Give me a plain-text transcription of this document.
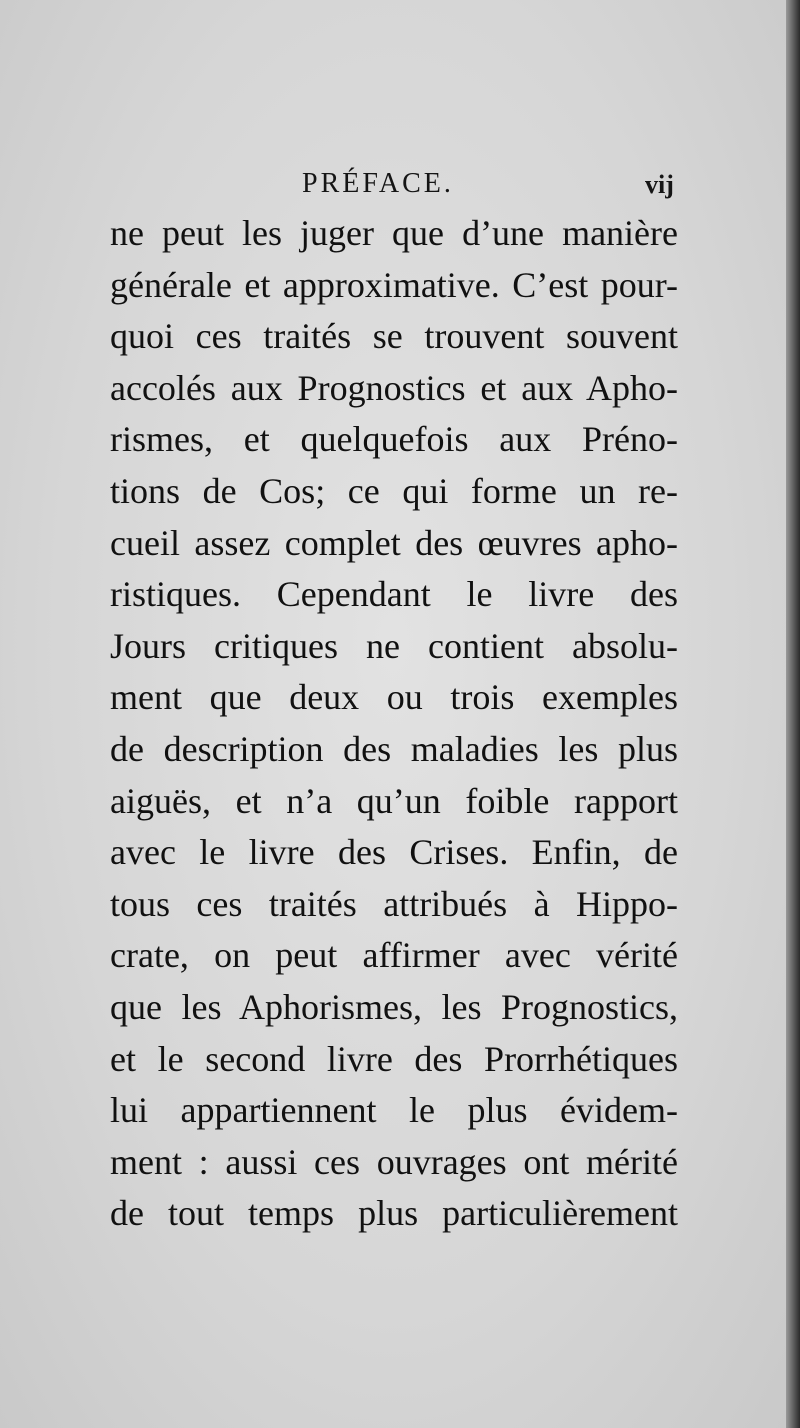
PRÉFACE.	vij
ne peut les juger que d’une manière
générale et approximative. C’est pour-
quoi ces traités se trouvent souvent
accolés aux Prognostics et aux Apho-
rismes, et quelquefois aux Préno-
tions de Cos; ce qui forme un re-
cueil assez complet des œuvres apho-
ristiques. Cependant le livre des
Jours critiques ne contient absolu-
ment que deux ou trois exemples
de description des maladies les plus
aiguës, et n’a qu’un foible rapport
avec le livre des Crises. Enfin, de
tous ces traités attribués à Hippo-
crate, on peut affirmer avec vérité
que les Aphorismes, les Prognostics,
et le second livre des Prorrhétiques
lui appartiennent le plus évidem-
ment : aussi ces ouvrages ont mérité
de tout temps plus particulièrement
